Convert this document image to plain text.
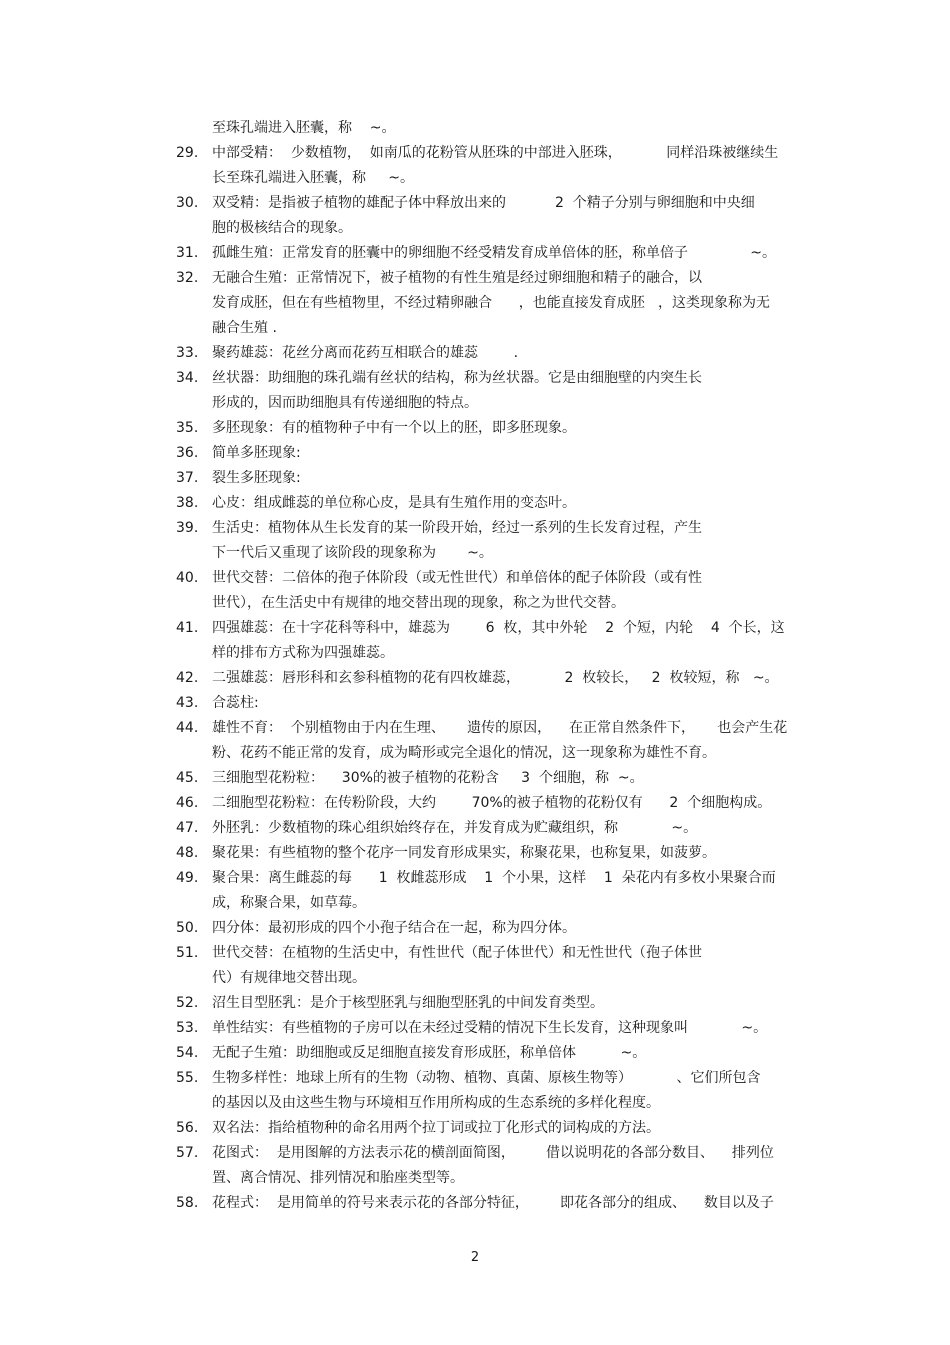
至珠孔端进入胚囊，称    ~。
29. 中部受精：  少数植物，  如南瓜的花粉管从胚珠的中部进入胚珠，          同样沿珠被继续生
长至珠孔端进入胚囊，称     ~。
30. 双受精：是指被子植物的雄配子体中释放出来的           2  个精子分别与卵细胞和中央细
胞的极核结合的现象。
31. 孤雌生殖：正常发育的胚囊中的卵细胞不经受精发育成单倍体的胚，称单倍子              ~。
32. 无融合生殖：正常情况下，被子植物的有性生殖是经过卵细胞和精子的融合，以
发育成胚，但在有些植物里，不经过精卵融合      ，也能直接发育成胚   ，这类现象称为无
融合生殖 .
33. 聚药雄蕊：花丝分离而花药互相联合的雄蕊        .
34. 丝状器：助细胞的珠孔端有丝状的结构，称为丝状器。它是由细胞壁的内突生长
形成的，因而助细胞具有传递细胞的特点。
35. 多胚现象：有的植物种子中有一个以上的胚，即多胚现象。
36. 简单多胚现象:
37. 裂生多胚现象:
38. 心皮：组成雌蕊的单位称心皮，是具有生殖作用的变态叶。
39. 生活史：植物体从生长发育的某一阶段开始，经过一系列的生长发育过程，产生
下一代后又重现了该阶段的现象称为       ~。
40. 世代交替：二倍体的孢子体阶段（或无性世代）和单倍体的配子体阶段（或有性
世代），在生活史中有规律的地交替出现的现象，称之为世代交替。
41. 四强雄蕊：在十字花科等科中，雄蕊为        6  枚，其中外轮    2  个短，内轮    4  个长，这
样的排布方式称为四强雄蕊。
42. 二强雄蕊：唇形科和玄参科植物的花有四枚雄蕊，          2  枚较长，   2  枚较短，称   ~。
43. 合蕊柱:
44. 雄性不育：  个别植物由于内在生理、     遗传的原因，    在正常自然条件下，     也会产生花
粉、花药不能正常的发育，成为畸形或完全退化的情况，这一现象称为雄性不育。
45. 三细胞型花粉粒：    30%的被子植物的花粉含     3  个细胞，称  ~。
46. 二细胞型花粉粒：在传粉阶段，大约        70%的被子植物的花粉仅有      2  个细胞构成。
47. 外胚乳：少数植物的珠心组织始终存在，并发育成为贮藏组织，称            ~。
48. 聚花果：有些植物的整个花序一同发育形成果实，称聚花果，也称复果，如菠萝。
49. 聚合果：离生雌蕊的每      1  枚雌蕊形成    1  个小果，这样    1  朵花内有多枚小果聚合而
成，称聚合果，如草莓。
50. 四分体：最初形成的四个小孢子结合在一起，称为四分体。
51. 世代交替：在植物的生活史中，有性世代（配子体世代）和无性世代（孢子体世
代）有规律地交替出现。
52. 沼生目型胚乳：是介于核型胚乳与细胞型胚乳的中间发育类型。
53. 单性结实：有些植物的子房可以在未经过受精的情况下生长发育，这种现象叫            ~。
54. 无配子生殖：助细胞或反足细胞直接发育形成胚，称单倍体          ~。
55. 生物多样性：地球上所有的生物（动物、植物、真菌、原核生物等）          、它们所包含
的基因以及由这些生物与环境相互作用所构成的生态系统的多样化程度。
56. 双名法：指给植物种的命名用两个拉丁词或拉丁化形式的词构成的方法。
57. 花图式：  是用图解的方法表示花的横剖面简图，       借以说明花的各部分数目、    排列位
置、离合情况、排列情况和胎座类型等。
58. 花程式：  是用简单的符号来表示花的各部分特征，       即花各部分的组成、    数目以及子
2
